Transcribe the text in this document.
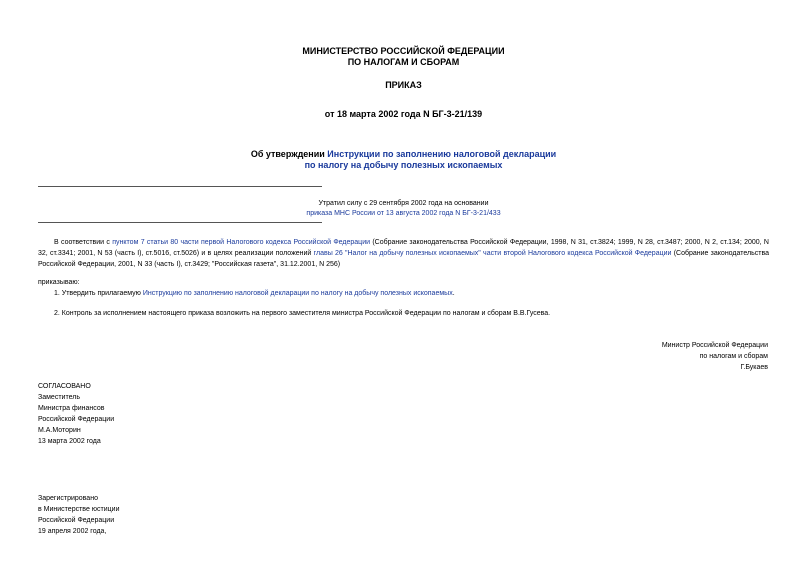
МИНИСТЕРСТВО РОССИЙСКОЙ ФЕДЕРАЦИИ
ПО НАЛОГАМ И СБОРАМ
ПРИКАЗ
от 18 марта 2002 года N БГ-3-21/139
Об утверждении Инструкции по заполнению налоговой декларации
по налогу на добычу полезных ископаемых
Утратил силу с 29 сентября 2002 года на основании
приказа МНС России от 13 августа 2002 года N БГ-3-21/433
В соответствии с пунктом 7 статьи 80 части первой Налогового кодекса Российской Федерации (Собрание законодательства Российской Федерации, 1998, N 31, ст.3824; 1999, N 28, ст.3487; 2000, N 2, ст.134; 2000, N 32, ст.3341; 2001, N 53 (часть I), ст.5016, ст.5026) и в целях реализации положений главы 26 "Налог на добычу полезных ископаемых" части второй Налогового кодекса Российской Федерации (Собрание законодательства Российской Федерации, 2001, N 33 (часть I), ст.3429; "Российская газета", 31.12.2001, N 256)
приказываю:
1. Утвердить прилагаемую Инструкцию по заполнению налоговой декларации по налогу на добычу полезных ископаемых.
2. Контроль за исполнением настоящего приказа возложить на первого заместителя министра Российской Федерации по налогам и сборам В.В.Гусева.
Министр Российской Федерации
по налогам и сборам
Г.Букаев
СОГЛАСОВАНО
Заместитель
Министра финансов
Российской Федерации
М.А.Моторин
13 марта 2002 года
Зарегистрировано
в Министерстве юстиции
Российской Федерации
19 апреля 2002 года,
